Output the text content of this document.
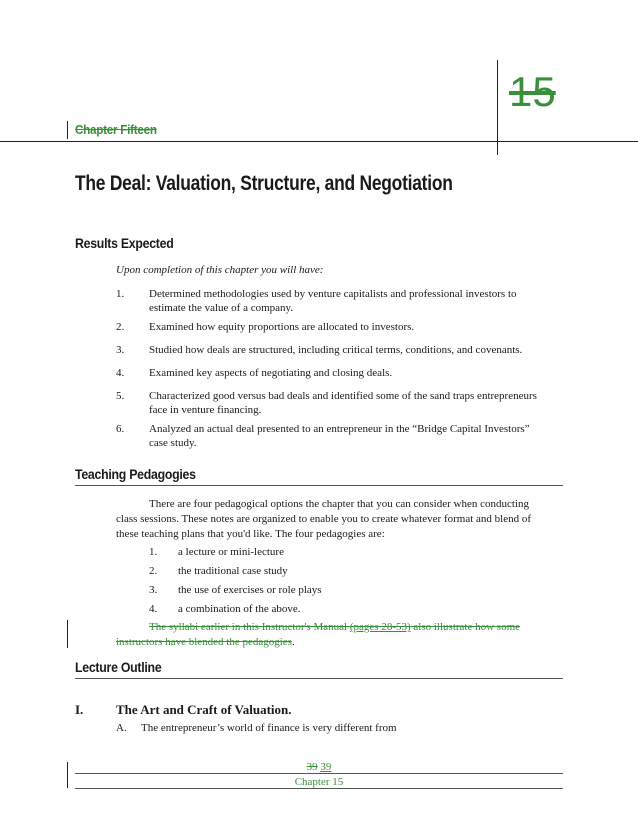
15
Chapter Fifteen
The Deal: Valuation, Structure, and Negotiation
Results Expected
Upon completion of this chapter you will have:
1. Determined methodologies used by venture capitalists and professional investors to
estimate the value of a company.
2. Examined how equity proportions are allocated to investors.
3. Studied how deals are structured, including critical terms, conditions, and covenants.
4. Examined key aspects of negotiating and closing deals.
5. Characterized good versus bad deals and identified some of the sand traps entrepreneurs
face in venture financing.
6. Analyzed an actual deal presented to an entrepreneur in the “Bridge Capital Investors”
case study.
Teaching Pedagogies
There are four pedagogical options the chapter that you can consider when conducting
class sessions. These notes are organized to enable you to create whatever format and blend of
these teaching plans that you'd like. The four pedagogies are:
1. a lecture or mini-lecture
2. the traditional case study
3. the use of exercises or role plays
4. a combination of the above.
The syllabi earlier in this Instructor's Manual (pages 28-53) also illustrate how some
instructors have blended the pedagogies.
Lecture Outline
I.	The Art and Craft of Valuation.
A. The entrepreneur’s world of finance is very different from
39 39
Chapter 15
